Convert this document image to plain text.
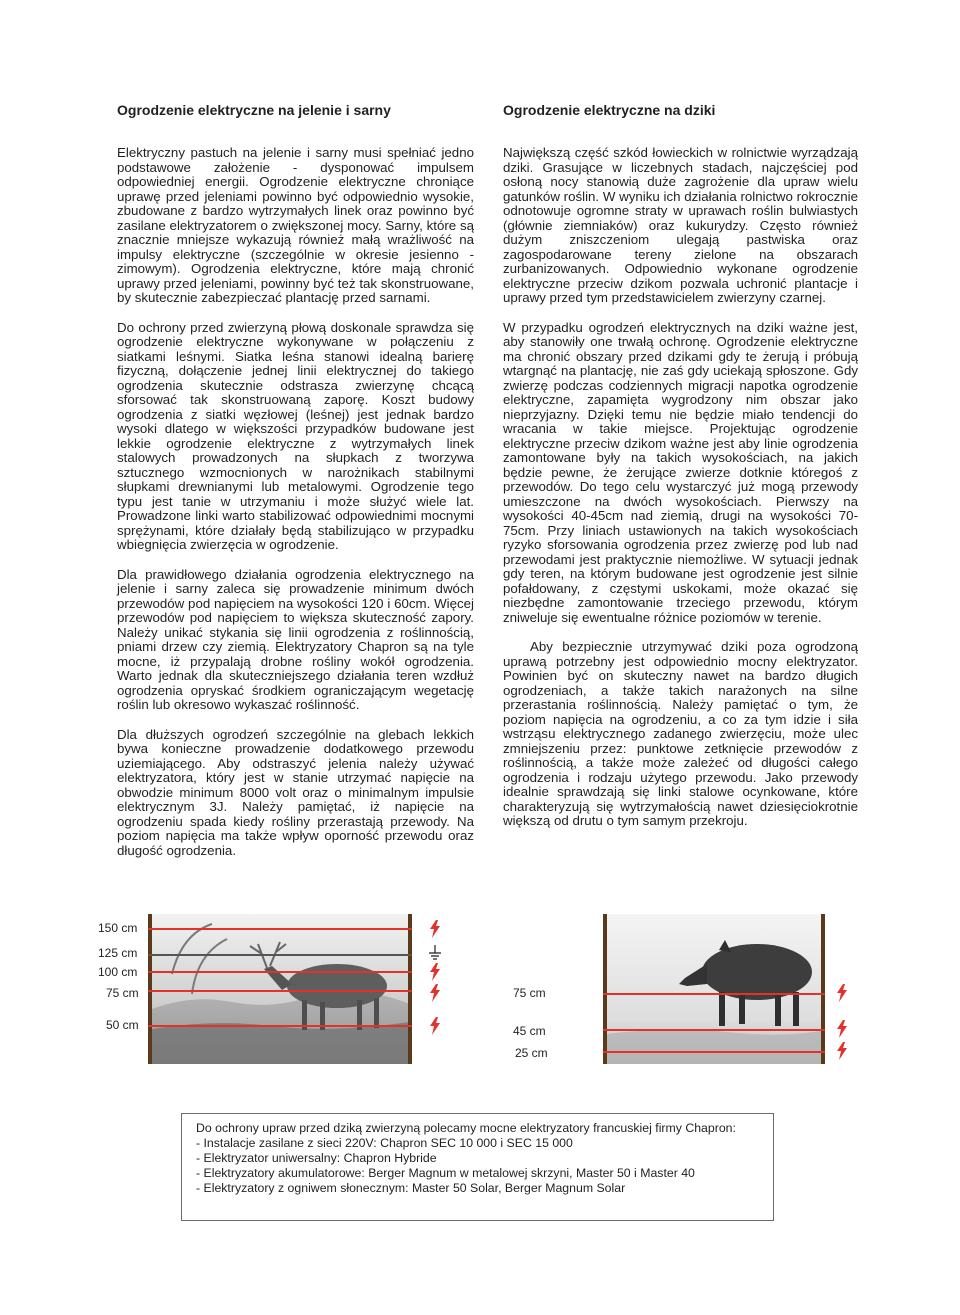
Ogrodzenie elektryczne na jelenie i sarny

Elektryczny pastuch na jelenie i sarny musi spełniać jedno podstawowe założenie - dysponować impulsem odpowiedniej energii. Ogrodzenie elektryczne chroniące uprawę przed jeleniami powinno być odpowiednio wysokie, zbudowane z bardzo wytrzymałych linek oraz powinno być zasilane elektryzatorem o zwiększonej mocy. Sarny, które są znacznie mniejsze wykazują również małą wrażliwość na impulsy elektryczne (szczególnie w okresie jesienno - zimowym). Ogrodzenia elektryczne, które mają chronić uprawy przed jeleniami, powinny być też tak skonstruowane, by skutecznie zabezpieczać plantację przed sarnami.

Do ochrony przed zwierzyną płową doskonale sprawdza się ogrodzenie elektryczne wykonywane w połączeniu z siatkami leśnymi. Siatka leśna stanowi idealną barierę fizyczną, dołączenie jednej linii elektrycznej do takiego ogrodzenia skutecznie odstrasza zwierzynę chcącą sforsować tak skonstruowaną zaporę. Koszt budowy ogrodzenia z siatki węzłowej (leśnej) jest jednak bardzo wysoki dlatego w większości przypadków budowane jest lekkie ogrodzenie elektryczne z wytrzymałych linek stalowych prowadzonych na słupkach z tworzywa sztucznego wzmocnionych w narożnikach stabilnymi słupkami drewnianymi lub metalowymi. Ogrodzenie tego typu jest tanie w utrzymaniu i może służyć wiele lat. Prowadzone linki warto stabilizować odpowiednimi mocnymi sprężynami, które działały będą stabilizująco w przypadku wbiegnięcia zwierzęcia w ogrodzenie.

Dla prawidłowego działania ogrodzenia elektrycznego na jelenie i sarny zaleca się prowadzenie minimum dwóch przewodów pod napięciem na wysokości 120 i 60cm. Więcej przewodów pod napięciem to większa skuteczność zapory. Należy unikać stykania się linii ogrodzenia z roślinnością, pniami drzew czy ziemią. Elektryzatory Chapron są na tyle mocne, iż przypalają drobne rośliny wokół ogrodzenia. Warto jednak dla skuteczniejszego działania teren wzdłuż ogrodzenia opryskać środkiem ograniczającym wegetację roślin lub okresowo wykaszać roślinność.

Dla dłuższych ogrodzeń szczególnie na glebach lekkich bywa konieczne prowadzenie dodatkowego przewodu uziemiającego. Aby odstraszyć jelenia należy używać elektryzatora, który jest w stanie utrzymać napięcie na obwodzie minimum 8000 volt oraz o minimalnym impulsie elektrycznym 3J. Należy pamiętać, iż napięcie na ogrodzeniu spada kiedy rośliny przerastają przewody. Na poziom napięcia ma także wpływ oporność przewodu oraz długość ogrodzenia.

Ogrodzenie elektryczne na dziki

Największą część szkód łowieckich w rolnictwie wyrządzają dziki. Grasujące w liczebnych stadach, najczęściej pod osłoną nocy stanowią duże zagrożenie dla upraw wielu gatunków roślin. W wyniku ich działania rolnictwo rokrocznie odnotowuje ogromne straty w uprawach roślin bulwiastych (głównie ziemniaków) oraz kukurydzy. Często również dużym zniszczeniom ulegają pastwiska oraz zagospodarowane tereny zielone na obszarach zurbanizowanych. Odpowiednio wykonane ogrodzenie elektryczne przeciw dzikom pozwala uchronić plantacje i uprawy przed tym przedstawicielem zwierzyny czarnej.

W przypadku ogrodzeń elektrycznych na dziki ważne jest, aby stanowiły one trwałą ochronę. Ogrodzenie elektryczne ma chronić obszary przed dzikami gdy te żerują i próbują wtargnąć na plantację, nie zaś gdy uciekają spłoszone. Gdy zwierzę podczas codziennych migracji napotka ogrodzenie elektryczne, zapamięta wygrodzony nim obszar jako nieprzyjazny. Dzięki temu nie będzie miało tendencji do wracania w takie miejsce. Projektując ogrodzenie elektryczne przeciw dzikom ważne jest aby linie ogrodzenia zamontowane były na takich wysokościach, na jakich będzie pewne, że żerujące zwierze dotknie któregoś z przewodów. Do tego celu wystarczyć już mogą przewody umieszczone na dwóch wysokościach. Pierwszy na wysokości 40-45cm nad ziemią, drugi na wysokości 70-75cm. Przy liniach ustawionych na takich wysokościach ryzyko sforsowania ogrodzenia przez zwierzę pod lub nad przewodami jest praktycznie niemożliwe. W sytuacji jednak gdy teren, na którym budowane jest ogrodzenie jest silnie pofałdowany, z częstymi uskokami, może okazać się niezbędne zamontowanie trzeciego przewodu, którym zniweluje się ewentualne różnice poziomów w terenie.

Aby bezpiecznie utrzymywać dziki poza ogrodzoną uprawą potrzebny jest odpowiednio mocny elektryzator. Powinien być on skuteczny nawet na bardzo długich ogrodzeniach, a także takich narażonych na silne przerastania roślinnością. Należy pamiętać o tym, że poziom napięcia na ogrodzeniu, a co za tym idzie i siła wstrząsu elektrycznego zadanego zwierzęciu, może ulec zmniejszeniu przez: punktowe zetknięcie przewodów z roślinnością, a także może zależeć od długości całego ogrodzenia i rodzaju użytego przewodu. Jako przewody idealnie sprawdzają się linki stalowe ocynkowane, które charakteryzują się wytrzymałością nawet dziesięciokrotnie większą od drutu o tym samym przekroju.

150 cm
125 cm
100 cm
75 cm
50 cm
75 cm
45 cm
25 cm
Do ochrony upraw przed dziką zwierzyną polecamy mocne elektryzatory francuskiej firmy Chapron:
- Instalacje zasilane z sieci 220V: Chapron SEC 10 000 i SEC 15 000
- Elektryzator uniwersalny: Chapron Hybride
- Elektryzatory akumulatorowe: Berger Magnum w metalowej skrzyni, Master 50 i Master 40
- Elektryzatory z ogniwem słonecznym: Master 50 Solar, Berger Magnum Solar
